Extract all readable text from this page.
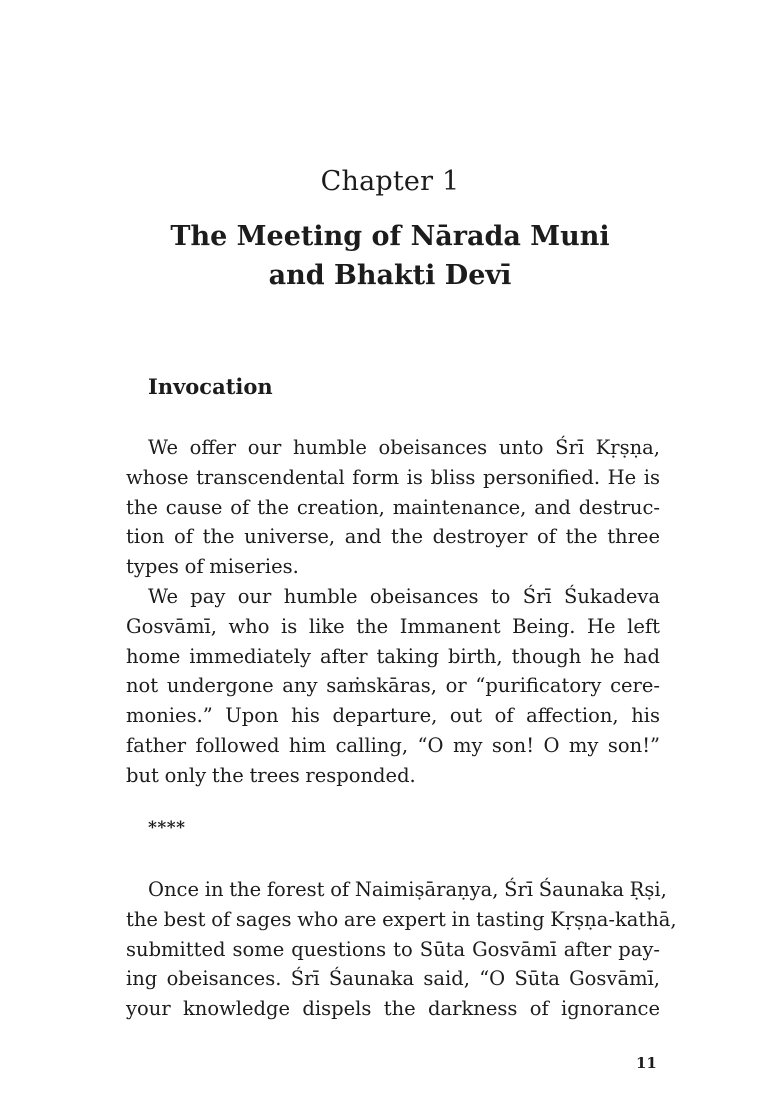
Chapter 1
The Meeting of Nārada Muni
and Bhakti Devī
Invocation
We offer our humble obeisances unto Śrī Kṛṣṇa,
whose transcendental form is bliss personified. He is
the cause of the creation, maintenance, and destruc-
tion of the universe, and the destroyer of the three
types of miseries.
We pay our humble obeisances to Śrī Śukadeva
Gosvāmī, who is like the Immanent Being. He left
home immediately after taking birth, though he had
not undergone any saṁskāras, or “purificatory cere-
monies.” Upon his departure, out of affection, his
father followed him calling, “O my son! O my son!”
but only the trees responded.
****
Once in the forest of Naimiṣāraṇya, Śrī Śaunaka Ṛṣi,
the best of sages who are expert in tasting Kṛṣṇa-kathā,
submitted some questions to Sūta Gosvāmī after pay-
ing obeisances. Śrī Śaunaka said, “O Sūta Gosvāmī,
your knowledge dispels the darkness of ignorance
11
